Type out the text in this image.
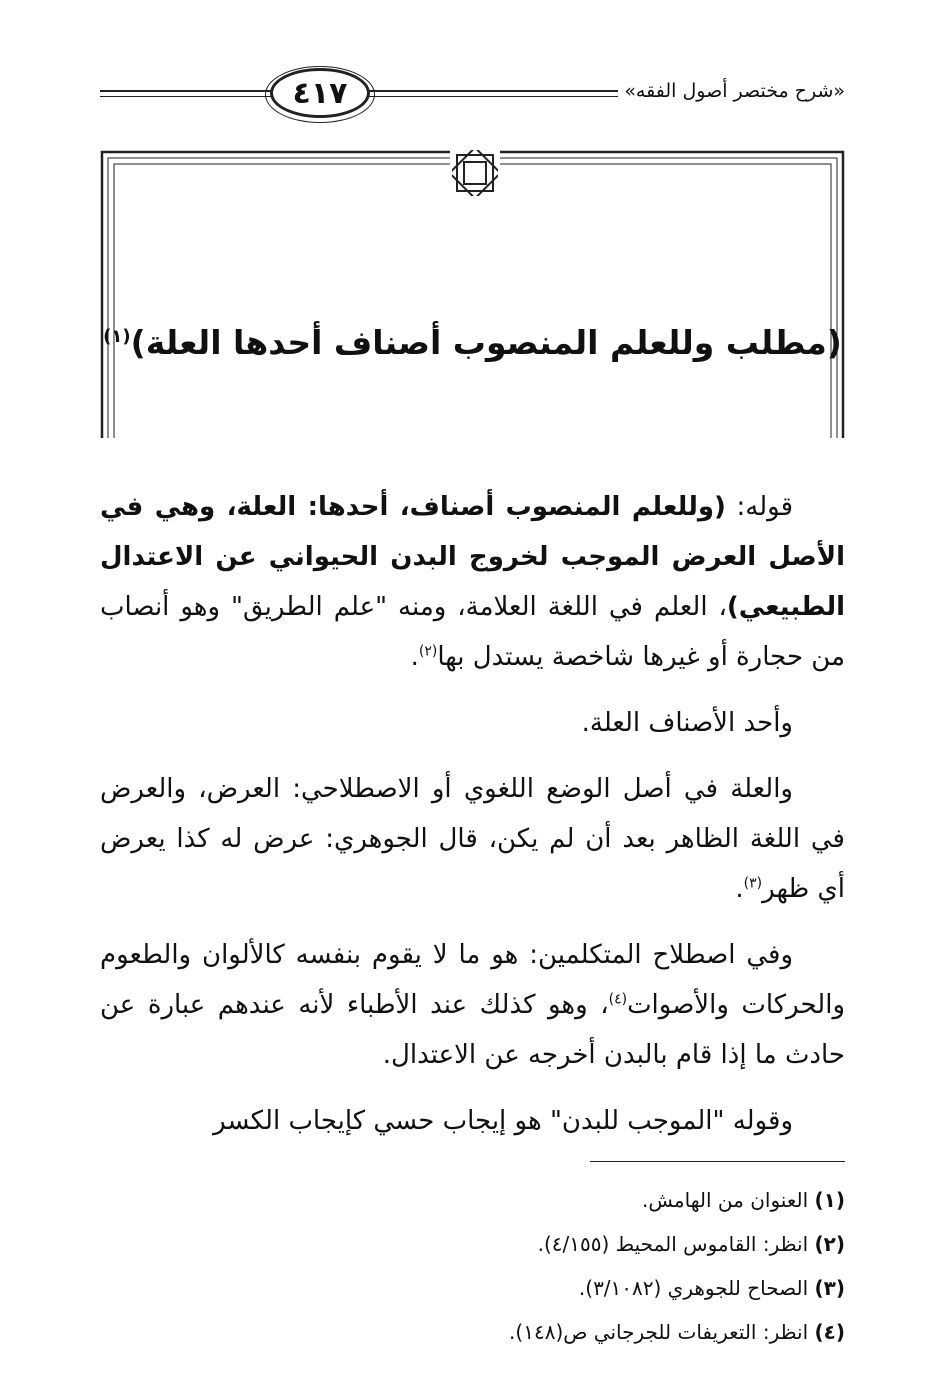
٤١٧	«شرح مختصر أصول الفقه»
(مطلب وللعلم المنصوب أصناف أحدها العلة)$^{(١)}$

قوله: (وللعلم المنصوب أصناف، أحدها: العلة، وهي في الأصل العرض الموجب لخروج البدن الحيواني عن الاعتدال الطبيعي)، العلم في اللغة العلامة، ومنه "علم الطريق" وهو أنصاب من حجارة أو غيرها شاخصة يستدل بها$^{(٢)}$.

وأحد الأصناف العلة.

والعلة في أصل الوضع اللغوي أو الاصطلاحي: العرض، والعرض في اللغة الظاهر بعد أن لم يكن، قال الجوهري: عرض له كذا يعرض أي ظهر$^{(٣)}$.

وفي اصطلاح المتكلمين: هو ما لا يقوم بنفسه كالألوان والطعوم والحركات والأصوات$^{(٤)}$، وهو كذلك عند الأطباء لأنه عندهم عبارة عن حادث ما إذا قام بالبدن أخرجه عن الاعتدال.

وقوله "الموجب للبدن" هو إيجاب حسي كإيجاب الكسر

(١) العنوان من الهامش.
(٢) انظر: القاموس المحيط (٤/١٥٥).
(٣) الصحاح للجوهري (٣/١٠٨٢).
(٤) انظر: التعريفات للجرجاني ص(١٤٨).
